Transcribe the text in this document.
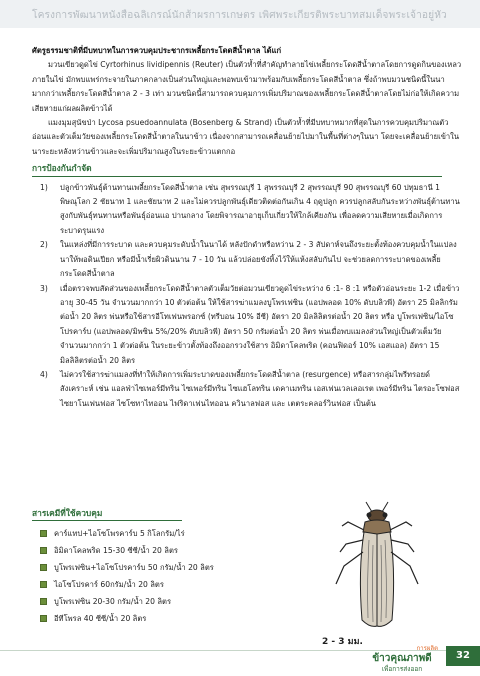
โครงการพัฒนาหนังสือฉลิเกรณ์นักส้าผรการเกษตร เพิศพระเกียรติพระบาทสมเด็จพระเจ้าอยู่หัว

ศัตรูธรรมชาติที่มีบทบาทในการควบคุมประชากรเพลี้ยกระโดดสีน้ำตาล ได้แก่

มวนเขียวดูดไข่ Cyrtorhinus lividipennis (Reuter) เป็นตัวห้ำที่สำคัญทำลายไข่เพลี้ยกระโดดสีน้ำตาลโดยการดูดกินของเหลวภายในไข่ มักพบแพร่กระจายในภาคกลางเป็นส่วนใหญ่และพอพบเข้ามาพร้อมกับเพลี้ยกระโดดสีน้ำตาล ซึ่งถ้าพบมวนชนิดนี้ในนามากกว่าเพลี้ยกระโดดสีน้ำตาล 2 - 3 เท่า มวนชนิดนี้สามารถควบคุมการเพิ่มปริมาณของเพลี้ยกระโดดสีน้ำตาลโดยไม่ก่อให้เกิดความเสียหายแก่ผลผลิตข้าวได้

แมงมุมสุนัขป่า Lycosa psuedoannulata (Bosenberg & Strand) เป็นตัวห้ำที่มีบทบาทมากที่สุดในการควบคุมปริมาณตัวอ่อนและตัวเต็มวัยของเพลี้ยกระโดดสีน้ำตาลในนาข้าว เนื่องจากสามารถเคลื่อนย้ายไปมาในพื้นที่ต่างๆในนา โดยจะเคลื่อนย้ายเข้าในนาระยะหลังหว่านข้าวและจะเพิ่มปริมาณสูงในระยะข้าวแตกกอ

การป้องกันกำจัด
1) ปลูกข้าวพันธุ์ต้านทานเพลี้ยกระโดดสีน้ำตาล เช่น สุพรรณบุรี 1 สุพรรณบุรี 2 สุพรรณบุรี 90 สุพรรณบุรี 60 ปทุมธานี 1 พิษณุโลก 2 ชัยนาท 1 และชัยนาท 2 และไม่ควรปลูกพันธุ์เดียวติดต่อกันเกิน 4 ฤดูปลูก ควรปลูกสลับกันระหว่างพันธุ์ต้านทานสูงกับพันธุ์ทนทานหรือพันธุ์อ่อนแอ ปานกลาง โดยพิจารณาอายุเก็บเกี่ยวให้ใกล้เคียงกัน เพื่อลดความเสียหายเมื่อเกิดการระบาดรุนแรง
2) ในแหล่งที่มีการระบาด และควบคุมระดับน้ำในนาได้ หลังปักดำหรือหว่าน 2 - 3 สัปดาห์จนถึงระยะตั้งท้องควบคุมน้ำในแปลงนาให้พอดินเปียก หรือมีน้ำเรี่ยผิวดินนาน 7 - 10 วัน แล้วปล่อยขังทิ้งไว้ให้แห้งสลับกันไป จะช่วยลดการระบาดของเพลี้ยกระโดดสีน้ำตาล
3) เมื่อตรวจพบสัดส่วนของเพลี้ยกระโดดสีน้ำตาลตัวเต็มวัยต่อมวนเขียวดูดไข่ระหว่าง 6 :1- 8 :1 หรือตัวอ่อนระยะ 1-2 เมื่อข้าวอายุ 30-45 วัน จำนวนมากกว่า 10 ตัวต่อต้น ให้ใช้สารฆ่าแมลงบูโพรเฟซิน (แอปพลอด 10% ดับบลิวพี) อัตรา 25 มิลลิกรัมต่อน้ำ 20 ลิตร พ่นหรือใช้สารอีโทเฟนพรอกซ์ (ทรีบอน 10% อีซี) อัตรา 20 มิลลิลิตรต่อน้ำ 20 ลิตร หรือ บูโพรเฟซิน/ไอโซโปรคาร์บ (แอปพลอด/มิพซิน 5%/20% ดับบลิวพี) อัตรา 50 กรัมต่อน้ำ 20 ลิตร พ่นเมื่อพบแมลงส่วนใหญ่เป็นตัวเต็มวัยจำนวนมากกว่า 1 ตัวต่อต้น ในระยะข้าวตั้งท้องถึงออกรวงใช้สาร อิมิดาโคลพริด (คอนฟิดอร์ 10% เอสแอล) อัตรา 15 มิลลิลิตรต่อน้ำ 20 ลิตร
4) ไม่ควรใช้สารฆ่าแมลงที่ทำให้เกิดการเพิ่มระบาดของเพลี้ยกระโดดสีน้ำตาล (resurgence) หรือสารกลุ่มไพรีทรอยด์สังเคราะห์ เช่น แอลฟ่าไซเพอร์มีทริน ไซเพอร์มีทริน ไซแฮโลทริน เดคาเมทริน เอสเฟนเวลเลอเรต เพอร์มีทริน ไตรอะโซฟอส ไซยาโนเฟนฟอส ไซโซทาไทออน ไฟริดาเฟนไทออน ควินาลฟอส และ เตตระคลอร์วินฟอส เป็นต้น
สารเคมีที่ใช้ควบคุม
คาร์แทป+ไอโซโพรคาร์บ 5 กิโลกรัม/ไร่
อิมิดาโคลพริด 15-30 ซีซี/น้ำ 20 ลิตร
บูโพรเฟซิน+ไอโซโปรคาร์บ 50 กรัม/น้ำ 20 ลิตร
ไอโซโปรคาร์ 60กรัม/น้ำ 20 ลิตร
บูโพรเฟซิน 20-30 กรัม/น้ำ 20 ลิตร
อีทีโพรล 40 ซีซี/น้ำ 20 ลิตร
2 - 3 มม.
การผลิต
ข้าวคุณภาพดี
เพื่อการส่งออก
32
